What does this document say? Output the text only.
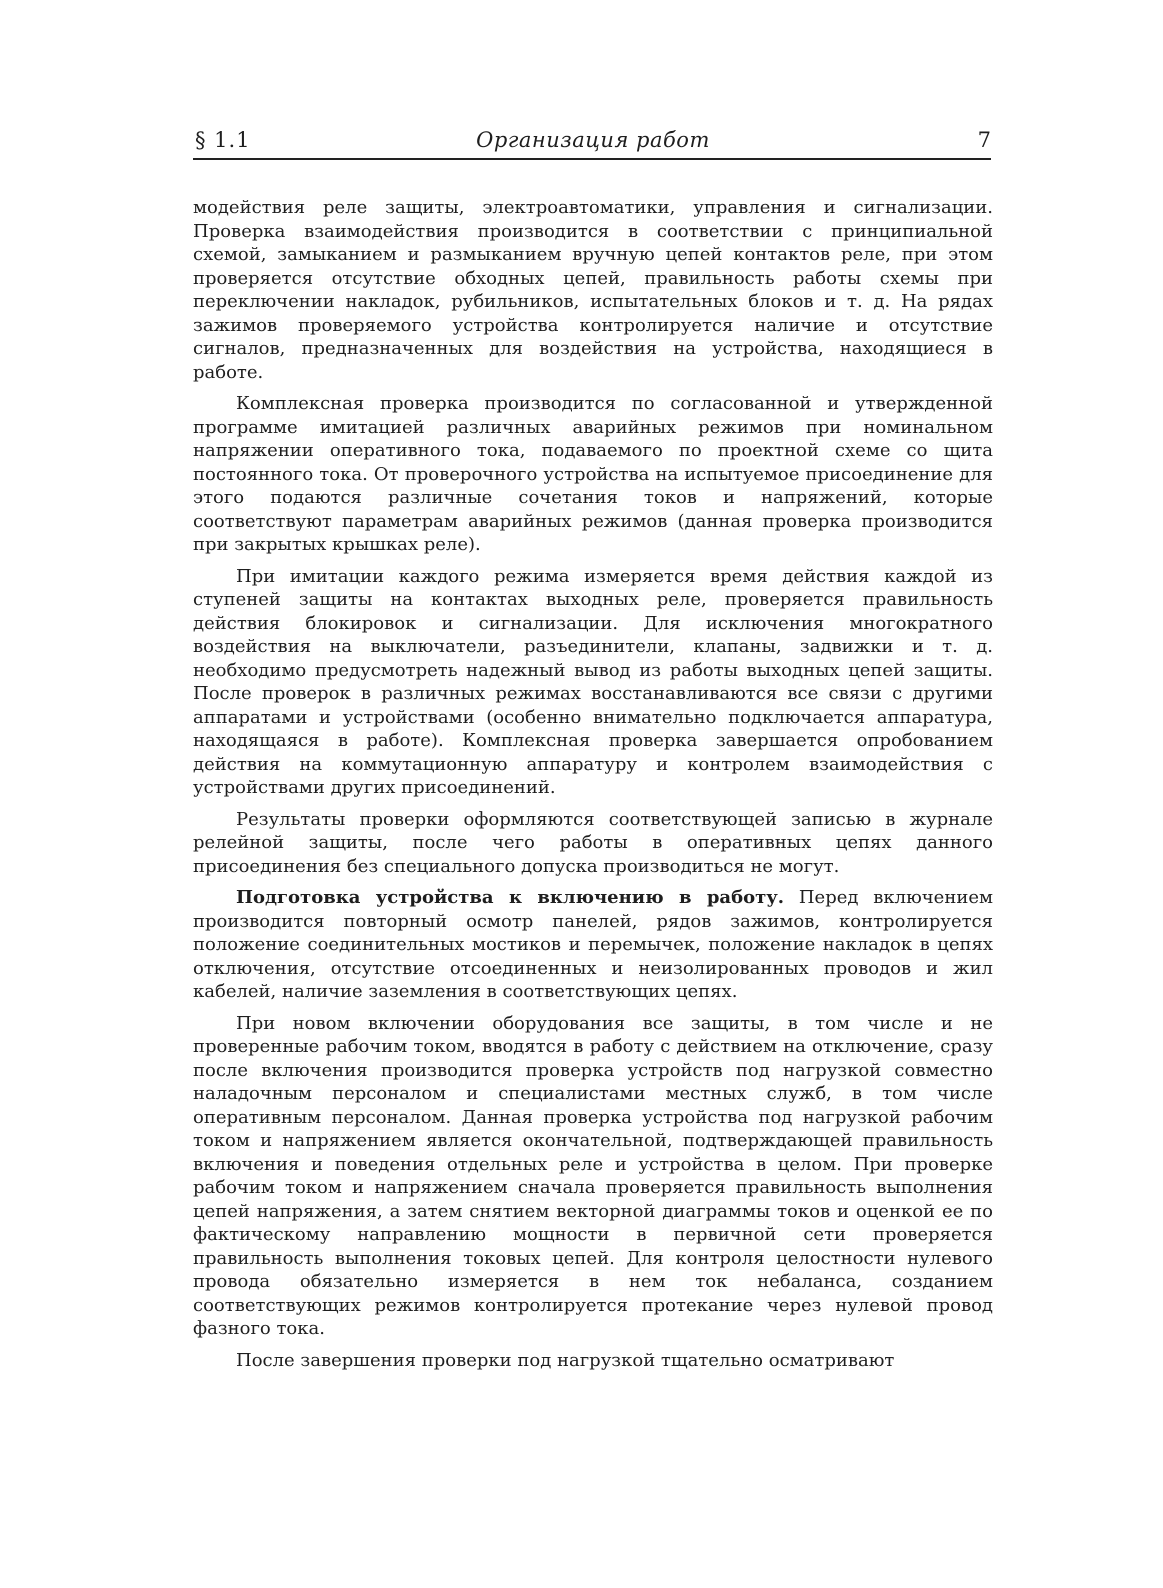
§ 1.1	Организация работ	7

модействия реле защиты, электроавтоматики, управления и сигнализации. Проверка взаимодействия производится в соответствии с принципиальной схемой, замыканием и размыканием вручную цепей контактов реле, при этом проверяется отсутствие обходных цепей, правильность работы схемы при переключении накладок, рубильников, испытательных блоков и т. д. На рядах зажимов проверяемого устройства контролируется наличие и отсутствие сигналов, предназначенных для воздействия на устройства, находящиеся в работе.

Комплексная проверка производится по согласованной и утвержденной программе имитацией различных аварийных режимов при номинальном напряжении оперативного тока, подаваемого по проектной схеме со щита постоянного тока. От проверочного устройства на испытуемое присоединение для этого подаются различные сочетания токов и напряжений, которые соответствуют параметрам аварийных режимов (данная проверка производится при закрытых крышках реле).

При имитации каждого режима измеряется время действия каждой из ступеней защиты на контактах выходных реле, проверяется правильность действия блокировок и сигнализации. Для исключения многократного воздействия на выключатели, разъединители, клапаны, задвижки и т. д. необходимо предусмотреть надежный вывод из работы выходных цепей защиты. После проверок в различных режимах восстанавливаются все связи с другими аппаратами и устройствами (особенно внимательно подключается аппаратура, находящаяся в работе). Комплексная проверка завершается опробованием действия на коммутационную аппаратуру и контролем взаимодействия с устройствами других присоединений.

Результаты проверки оформляются соответствующей записью в журнале релейной защиты, после чего работы в оперативных цепях данного присоединения без специального допуска производиться не могут.

Подготовка устройства к включению в работу. Перед включением производится повторный осмотр панелей, рядов зажимов, контролируется положение соединительных мостиков и перемычек, положение накладок в цепях отключения, отсутствие отсоединенных и неизолированных проводов и жил кабелей, наличие заземления в соответствующих цепях.

При новом включении оборудования все защиты, в том числе и не проверенные рабочим током, вводятся в работу с действием на отключение, сразу после включения производится проверка устройств под нагрузкой совместно наладочным персоналом и специалистами местных служб, в том числе оперативным персоналом. Данная проверка устройства под нагрузкой рабочим током и напряжением является окончательной, подтверждающей правильность включения и поведения отдельных реле и устройства в целом. При проверке рабочим током и напряжением сначала проверяется правильность выполнения цепей напряжения, а затем снятием векторной диаграммы токов и оценкой ее по фактическому направлению мощности в первичной сети проверяется правильность выполнения токовых цепей. Для контроля целостности нулевого провода обязательно измеряется в нем ток небаланса, созданием соответствующих режимов контролируется протекание через нулевой провод фазного тока.

После завершения проверки под нагрузкой тщательно осматривают
